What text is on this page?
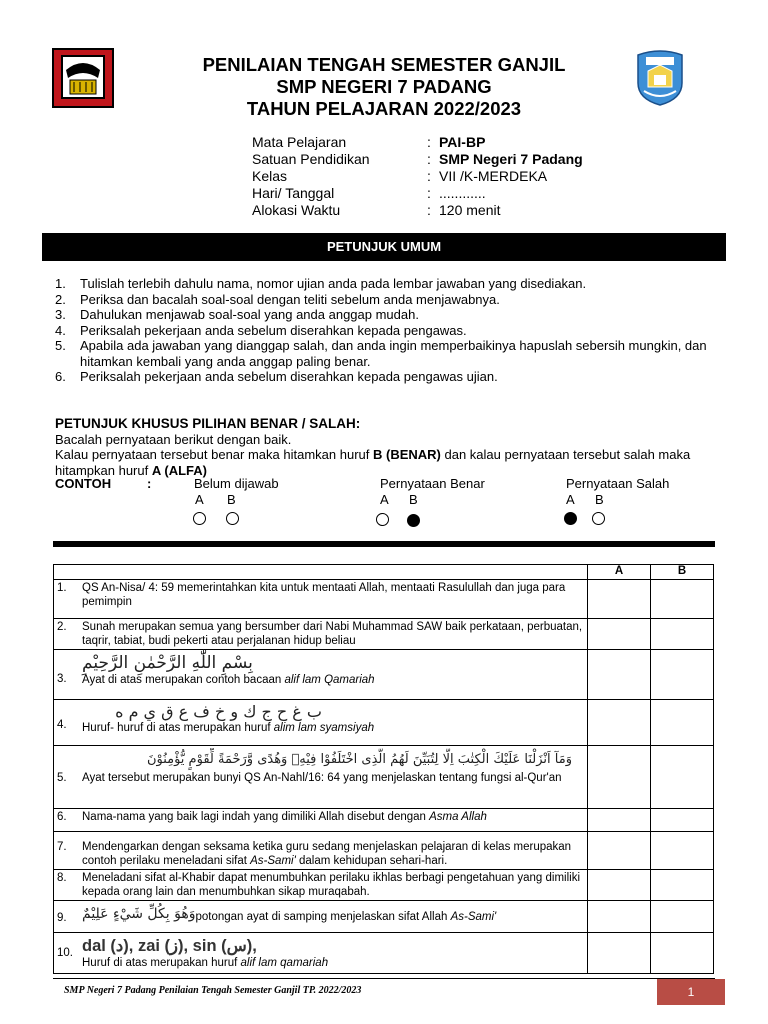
PENILAIAN TENGAH SEMESTER GANJIL
SMP NEGERI 7 PADANG
TAHUN PELAJARAN 2022/2023
Mata Pelajaran	: PAI-BP
Satuan Pendidikan	: SMP Negeri 7 Padang
Kelas	: VII /K-MERDEKA
Hari/ Tanggal	: ............
Alokasi Waktu	: 120 menit
PETUNJUK UMUM
1.	Tulislah terlebih dahulu nama, nomor ujian anda pada lembar jawaban yang disediakan.
2.	Periksa dan bacalah soal-soal dengan teliti sebelum anda menjawabnya.
3.	Dahulukan menjawab soal-soal yang anda anggap mudah.
4.	Periksalah pekerjaan anda sebelum diserahkan kepada pengawas.
5.	Apabila ada jawaban yang dianggap salah, dan anda ingin memperbaikinya hapuslah sebersih mungkin, dan hitamkan kembali yang anda anggap paling benar.
6.	Periksalah pekerjaan anda sebelum diserahkan kepada pengawas ujian.
PETUNJUK KHUSUS PILIHAN BENAR / SALAH:
Bacalah pernyataan berikut dengan baik.
Kalau pernyataan tersebut benar maka hitamkan huruf B (BENAR) dan kalau pernyataan tersebut salah maka hitampkan huruf A (ALFA)
CONTOH	:	Belum dijawab
A B
Pernyataan Benar
A B
Pernyataan Salah
A B
	A	B

1. QS An-Nisa/ 4: 59 memerintahkan kita untuk mentaati Allah, mentaati Rasulullah dan juga para pemimpin		

2. Sunah merupakan semua yang bersumber dari Nabi Muhammad SAW baik perkataan, perbuatan, taqrir, tabiat, budi pekerti atau perjalanan hidup beliau		

3.
بِسْمِ اللّٰهِ الرَّحْمٰنِ الرَّحِيْمِ
Ayat di atas merupakan contoh bacaan alif lam Qamariah		

4.
ب غ ح ج ك و خ ف ع ق ي م ه
Huruf- huruf di atas merupakan huruf alim lam syamsiyah		

5.
وَمَآ اَنْزَلْنَا عَلَيْكَ الْكِتٰبَ اِلَّا لِتُبَيِّنَ لَهُمُ الَّذِى اخْتَلَفُوْا فِيْهِۙ وَهُدًى وَّرَحْمَةً لِّقَوْمٍ يُّؤْمِنُوْنَ
Ayat tersebut merupakan bunyi QS An-Nahl/16: 64 yang menjelaskan tentang fungsi al-Qur'an		

6. Nama-nama yang baik lagi indah yang dimiliki Allah disebut dengan Asma Allah		

7. Mendengarkan dengan seksama ketika guru sedang menjelaskan pelajaran di kelas merupakan contoh perilaku meneladani sifat As-Sami' dalam kehidupan sehari-hari.		

8. Meneladani sifat al-Khabir dapat menumbuhkan perilaku ikhlas berbagi pengetahuan yang dimiliki kepada orang lain dan menumbuhkan sikap muraqabah.		

9. وَهُوَ بِكُلِّ شَيْءٍ عَلِيْمٌ potongan ayat di samping menjelaskan sifat Allah As-Sami'		

10. dal (د), zai (ز), sin (س),
Huruf di atas merupakan huruf alif lam qamariah		

SMP Negeri 7 Padang Penilaian Tengah Semester Ganjil TP. 2022/2023	1
